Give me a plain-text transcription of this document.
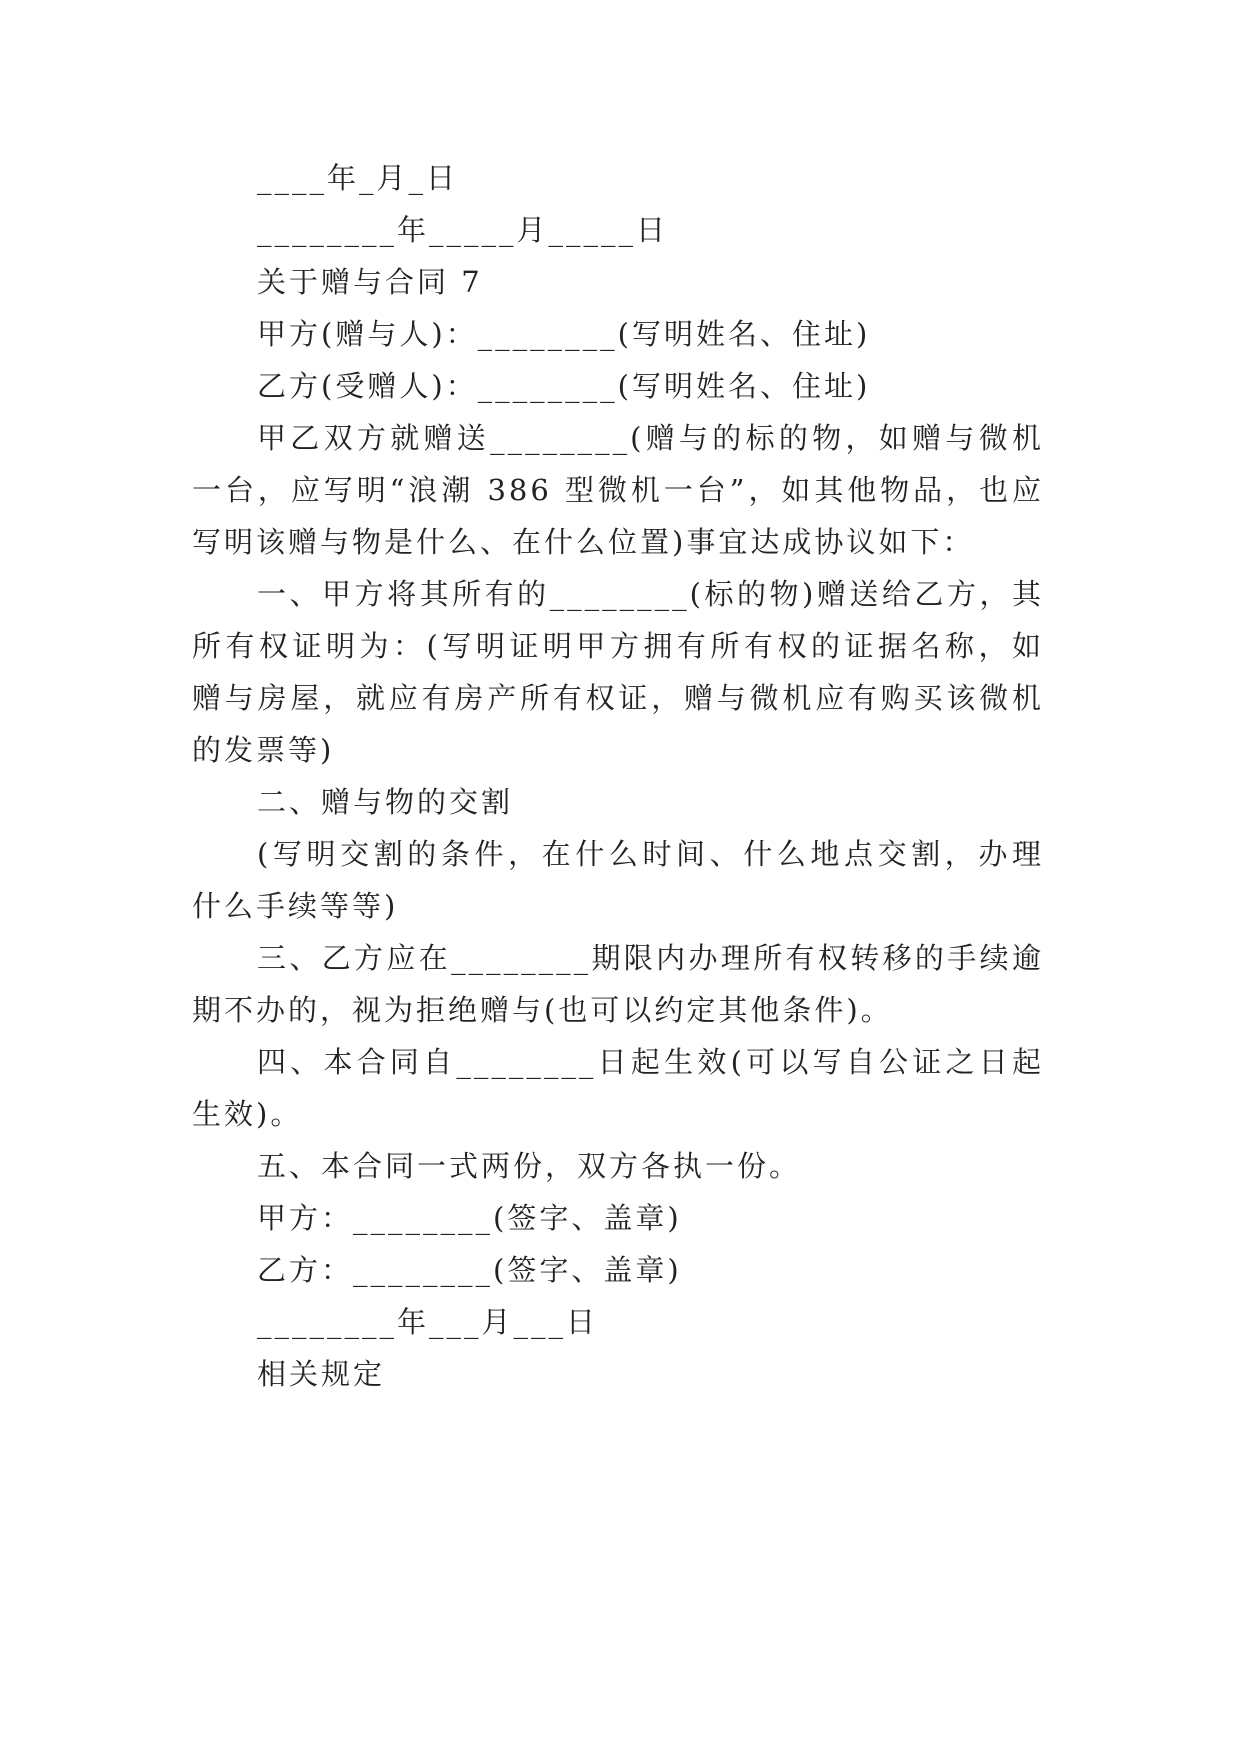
____年_月_日
________年_____月_____日
关于赠与合同 7
甲方(赠与人)：________(写明姓名、住址)
乙方(受赠人)：________(写明姓名、住址)
甲乙双方就赠送________(赠与的标的物，如赠与微机
一台，应写明“浪潮 386 型微机一台”，如其他物品，也应
写明该赠与物是什么、在什么位置)事宜达成协议如下：
一、甲方将其所有的________(标的物)赠送给乙方，其
所有权证明为：(写明证明甲方拥有所有权的证据名称，如
赠与房屋，就应有房产所有权证，赠与微机应有购买该微机
的发票等)
二、赠与物的交割
(写明交割的条件，在什么时间、什么地点交割，办理
什么手续等等)
三、乙方应在________期限内办理所有权转移的手续逾
期不办的，视为拒绝赠与(也可以约定其他条件)。
四、本合同自________日起生效(可以写自公证之日起
生效)。
五、本合同一式两份，双方各执一份。
甲方：________(签字、盖章)
乙方：________(签字、盖章)
________年___月___日
相关规定
